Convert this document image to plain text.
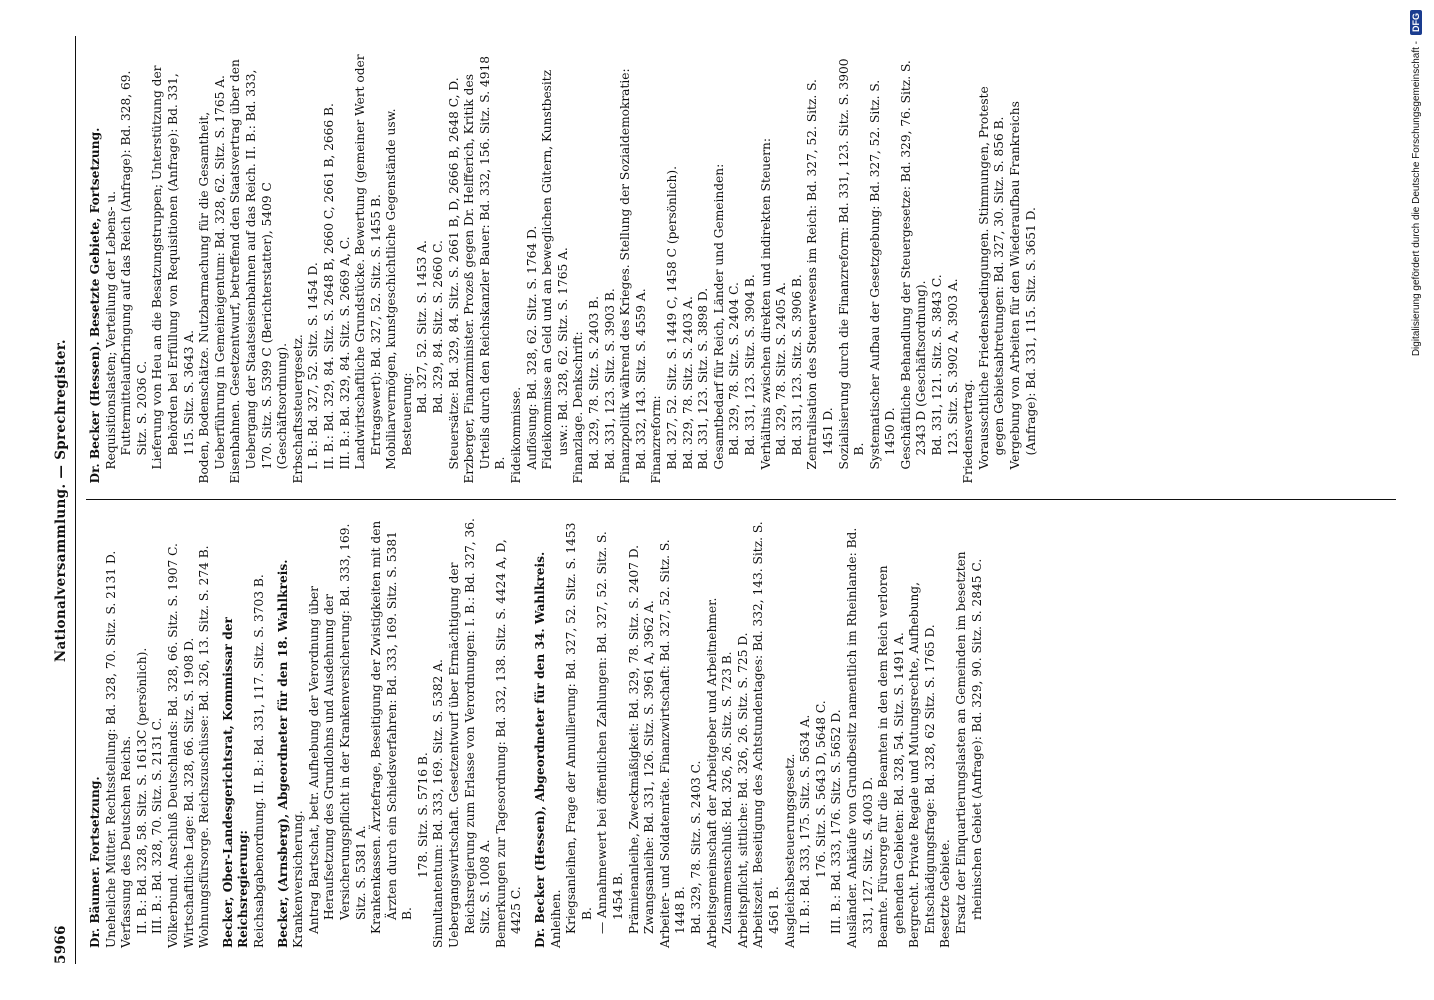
5966
Nationalversammlung. — Sprechregister.
Dr. Bäumer. Fortsetzung. Uneheliche Mütter. Rechtsstellung: Bd. 328, 70. Sitz. S. 2131 D. Verfassung des Deutschen Reichs. II. B.: Bd. 328, 58. Sitz. S. 1613C (persönlich). III. B.: Bd. 328, 70. Sitz. S. 2131 C. Völkerbund. Anschluß Deutschlands: Bd. 328, 66. Sitz. S. 1907 C. Wirtschaftliche Lage: Bd. 328, 66. Sitz. S. 1908 D. Wohnungsfürsorge. Reichszuschüsse: Bd. 326, 13. Sitz. S. 274 B. Becker, Ober-Landesgerichtsrat, Kommissar der Reichsregierung: Reichsabgabenordnung. II. B.: Bd. 331, 117. Sitz. S. 3703 B. Becker, (Arnsberg), Abgeordneter für den 18. Wahlkreis. Krankenversicherung. Antrag Bartschat, betr. Aufhebung der Verordnung über Heraufsetzung des Grundlohns und Ausdehnung der Versicherungspflicht in der Krankenversicherung: Bd. 333, 169. Sitz. S. 5381 A. Krankenkassen. Ärztefrage, Beseitigung der Zwistigkeiten mit den Ärzten durch ein Schiedsverfahren: Bd. 333, 169. Sitz. S. 5381 B.
178. Sitz. S. 5716 B. Simultantentum: Bd. 333, 169. Sitz. S. 5382 A. Uebergangswirtschaft. Gesetzentwurf über Ermächtigung der Reichsregierung zum Erlasse von Verordnungen: I. B.: Bd. 327, 36. Sitz. S. 1008 A. Bemerkungen zur Tagesordnung: Bd. 332, 138. Sitz. S. 4424 A, D, 4425 C. Dr. Becker (Hessen), Abgeordneter für den 34. Wahlkreis. Anleihen. Kriegsanleihen, Frage der Annullierung: Bd. 327, 52. Sitz. S. 1453 B. — Annahmewert bei öffentlichen Zahlungen: Bd. 327, 52. Sitz. S. 1454 B. Prämienanleihe, Zweckmäßigkeit: Bd. 329, 78. Sitz. S. 2407 D. Zwangsanleihe: Bd. 331, 126. Sitz. S. 3961 A, 3962 A. Arbeiter- und Soldatenräte. Finanzwirtschaft: Bd. 327, 52. Sitz. S. 1448 B. Bd. 329, 78. Sitz. S. 2403 C. Arbeitsgemeinschaft der Arbeitgeber und Arbeitnehmer. Zusammenschluß: Bd. 326, 26. Sitz. S. 723 B. Arbeitspflicht, sittliche: Bd. 326, 26. Sitz. S. 725 D. Arbeitszeit. Beseitigung des Achtstundentages: Bd. 332, 143. Sitz. S. 4561 B. Ausgleichsbesteuerungsgesetz. II. B.: Bd. 333, 175. Sitz. S. 5634 A. 176. Sitz. S. 5643 D, 5648 C. III. B.: Bd. 333, 176. Sitz. S. 5652 D. Ausländer. Ankäufe von Grundbesitz namentlich im Rheinlande: Bd. 331, 127. Sitz. S. 4003 D. Beamte. Fürsorge für die Beamten in den dem Reich verloren gehenden Gebieten: Bd. 328, 54. Sitz. S. 1491 A. Bergrecht. Private Regale und Mutungsrechte, Aufhebung, Entschädigungsfrage: Bd. 328, 62 Sitz. S. 1765 D. Besetzte Gebiete. Ersatz der Einquartierungslasten an Gemeinden im besetzten rheinischen Gebiet (Anfrage): Bd. 329, 90. Sitz. S. 2845 C.
Dr. Becker (Hessen). Besetzte Gebiete, Fortsetzung. Requisitionslasten; Verteilung der Lebens- u. Futtermittelaufbringung auf das Reich (Anfrage): Bd. 328, 69. Sitz. S. 2036 C. Lieferung von Heu an die Besatzungstruppen; Unterstützung der Behörden bei Erfüllung von Requisitionen (Anfrage): Bd. 331, 115. Sitz. S. 3643 A. Boden, Bodenschätze. Nutzbarmachung für die Gesamtheit, Ueberführung in Gemeineigentum: Bd. 328, 62. Sitz. S. 1765 A. Eisenbahnen. Gesetzentwurf, betreffend den Staatsvertrag über den Uebergang der Staatseisenbahnen auf das Reich. II. B.: Bd. 333, 170. Sitz. S. 5399 C (Berichterstatter), 5409 C (Geschäftsordnung). Erbschaftssteuergesetz. I. B.: Bd. 327, 52. Sitz. S. 1454 D. II. B.: Bd. 329, 84. Sitz. S. 2648 B, 2660 C, 2661 B, 2666 B. III. B.: Bd. 329, 84. Sitz. S. 2669 A, C. Landwirtschaftliche Grundstücke. Bewertung (gemeiner Wert oder Ertragswert): Bd. 327, 52. Sitz. S. 1455 B. Mobiliarvermögen, kunstgeschichtliche Gegenstände usw. Besteuerung:
Bd. 327, 52. Sitz. S. 1453 A. Bd. 329, 84. Sitz. S. 2660 C. Steuersätze: Bd. 329, 84. Sitz. S. 2661 B, D, 2666 B, 2648 C, D. Erzberger, Finanzminister. Prozeß gegen Dr. Helfferich, Kritik des Urteils durch den Reichskanzler Bauer: Bd. 332, 156. Sitz. S. 4918 B. Fideikommisse. Auflösung: Bd. 328, 62. Sitz. S. 1764 D. Fideikommisse an Geld und an beweglichen Gütern, Kunstbesitz usw.: Bd. 328, 62. Sitz. S. 1765 A. Finanzlage. Denkschrift: Bd. 329, 78. Sitz. S. 2403 B. Bd. 331, 123. Sitz. S. 3903 B. Finanzpolitik während des Krieges. Stellung der Sozialdemokratie: Bd. 332, 143. Sitz. S. 4559 A. Finanzreform: Bd. 327, 52. Sitz. S. 1449 C, 1458 C (persönlich). Bd. 329, 78. Sitz. S. 2403 A. Bd. 331, 123. Sitz. S. 3898 D. Gesamtbedarf für Reich, Länder und Gemeinden: Bd. 329, 78. Sitz. S. 2404 C. Bd. 331, 123. Sitz. S. 3904 B. Verhältnis zwischen direkten und indirekten Steuern: Bd. 329, 78. Sitz. S. 2405 A. Bd. 331, 123. Sitz. S. 3906 B. Zentralisation des Steuerwesens im Reich: Bd. 327, 52. Sitz. S. 1451 D. Sozialisierung durch die Finanzreform: Bd. 331, 123. Sitz. S. 3900 B. Systematischer Aufbau der Gesetzgebung: Bd. 327, 52. Sitz. S. 1450 D. Geschäftliche Behandlung der Steuergesetze: Bd. 329, 76. Sitz. S. 2343 D (Geschäftsordnung). Bd. 331, 121. Sitz. S. 3843 C. 123. Sitz. S. 3902 A, 3903 A. Friedensvertrag. Vorausschtliche Friedensbedingungen. Stimmungen, Proteste gegen Gebietsabtretungen: Bd. 327, 30. Sitz. S. 856 B. Vergebung von Arbeiten für den Wiederaufbau Frankreichs (Anfrage): Bd. 331, 115. Sitz. S. 3651 D.	Digitalisierung gefördert durch die Deutsche Forschungsgemeinschaft -
DFG
